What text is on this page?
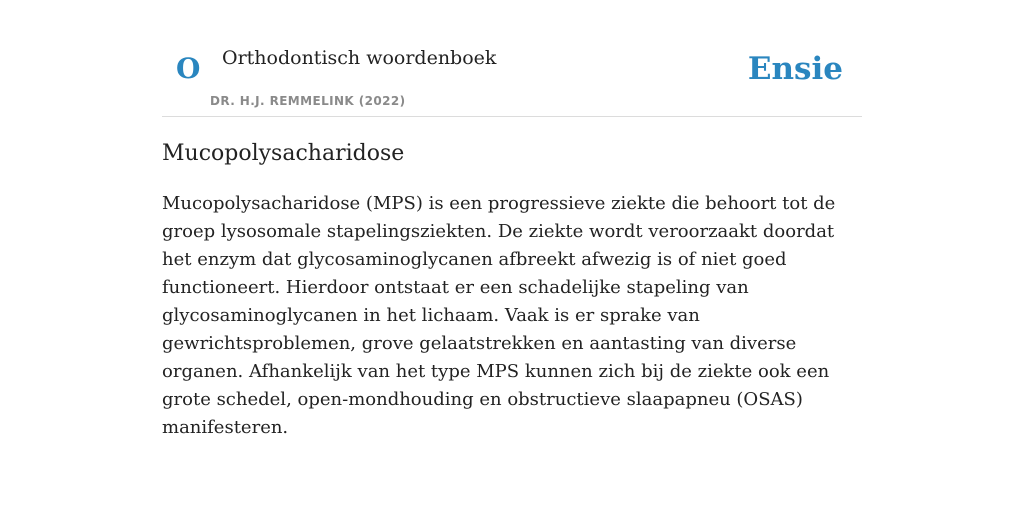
O Orthodontisch woordenboek
DR. H.J. REMMELINK (2022)
Ensie
Mucopolysacharidose

Mucopolysacharidose (MPS) is een progressieve ziekte die behoort tot de groep lysosomale stapelingsziekten. De ziekte wordt veroorzaakt doordat het enzym dat glycosaminoglycanen afbreekt afwezig is of niet goed functioneert. Hierdoor ontstaat er een schadelijke stapeling van glycosaminoglycanen in het lichaam. Vaak is er sprake van gewrichtsproblemen, grove gelaatstrekken en aantasting van diverse organen. Afhankelijk van het type MPS kunnen zich bij de ziekte ook een grote schedel, open-mondhouding en obstructieve slaapapneu (OSAS) manifesteren.
